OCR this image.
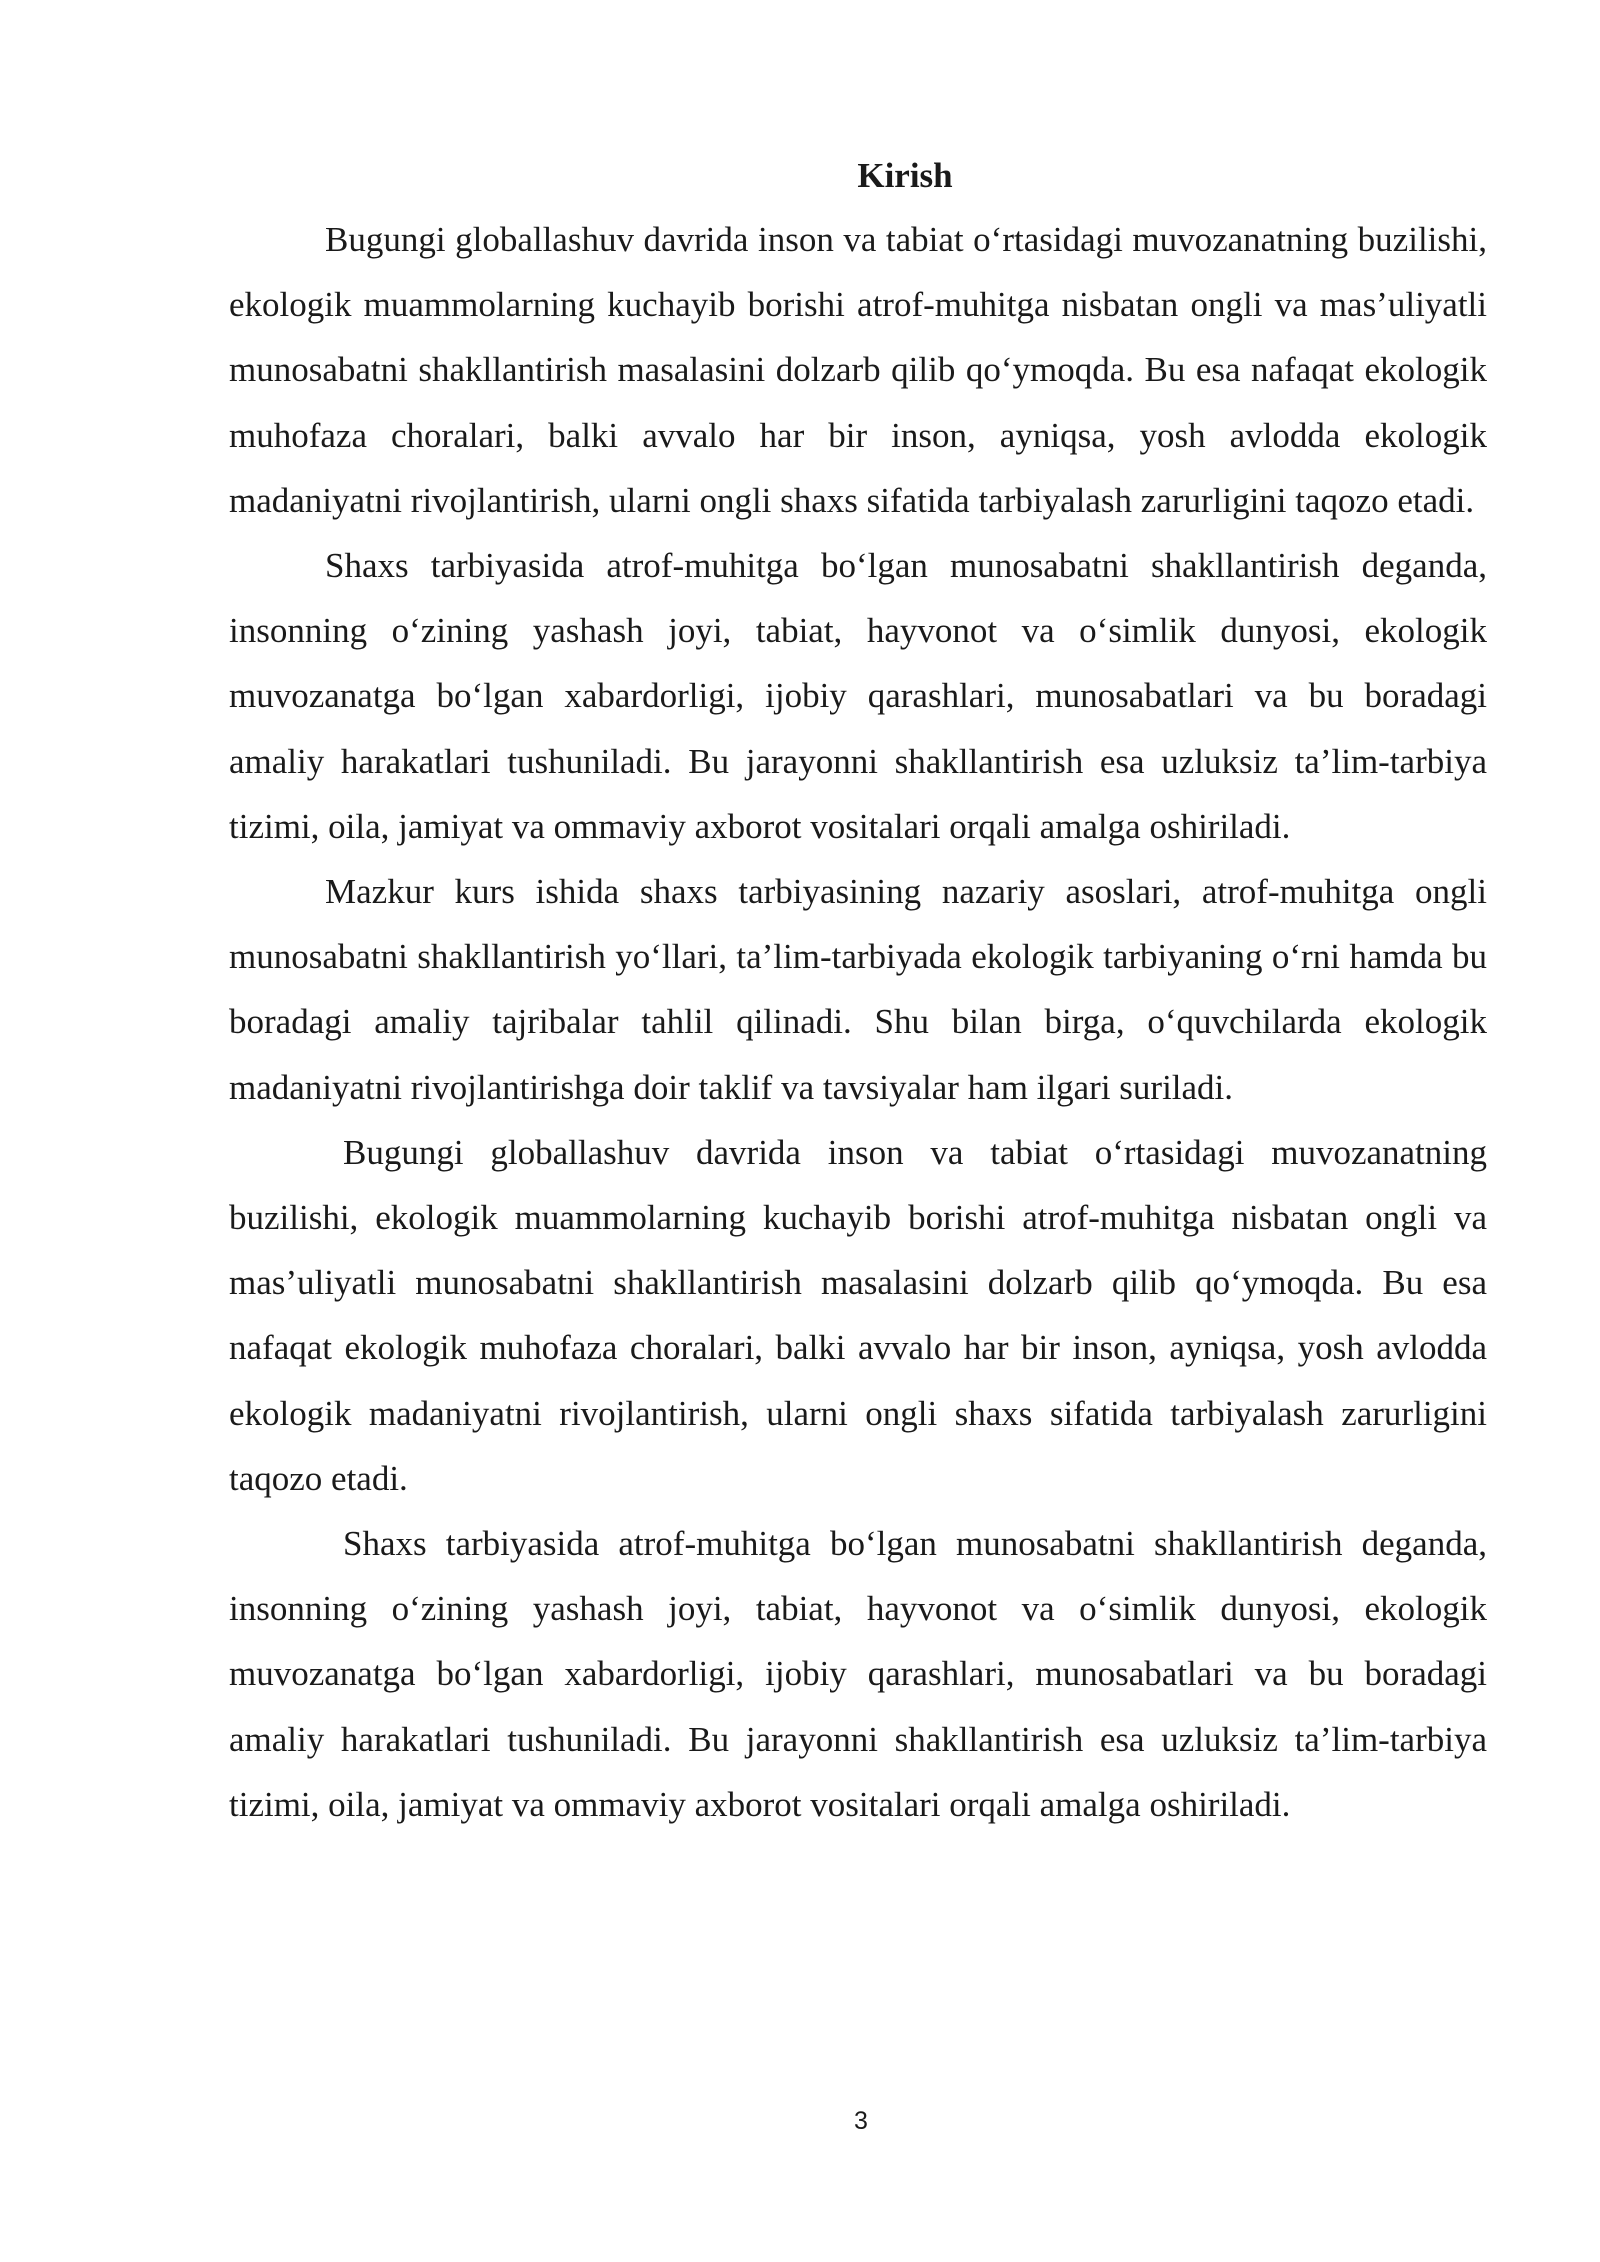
Kirish

Bugungi globallashuv davrida inson va tabiat o‘rtasidagi muvozanatning buzilishi, ekologik muammolarning kuchayib borishi atrof-muhitga nisbatan ongli va mas’uliyatli munosabatni shakllantirish masalasini dolzarb qilib qo‘ymoqda. Bu esa nafaqat ekologik muhofaza choralari, balki avvalo har bir inson, ayniqsa, yosh avlodda ekologik madaniyatni rivojlantirish, ularni ongli shaxs sifatida tarbiyalash zarurligini taqozo etadi.

Shaxs tarbiyasida atrof-muhitga bo‘lgan munosabatni shakllantirish deganda, insonning o‘zining yashash joyi, tabiat, hayvonot va o‘simlik dunyosi, ekologik muvozanatga bo‘lgan xabardorligi, ijobiy qarashlari, munosabatlari va bu boradagi amaliy harakatlari tushuniladi. Bu jarayonni shakllantirish esa uzluksiz ta’lim-tarbiya tizimi, oila, jamiyat va ommaviy axborot vositalari orqali amalga oshiriladi.

Mazkur kurs ishida shaxs tarbiyasining nazariy asoslari, atrof-muhitga ongli munosabatni shakllantirish yo‘llari, ta’lim-tarbiyada ekologik tarbiyaning o‘rni hamda bu boradagi amaliy tajribalar tahlil qilinadi. Shu bilan birga, o‘quvchilarda ekologik madaniyatni rivojlantirishga doir taklif va tavsiyalar ham ilgari suriladi.

Bugungi globallashuv davrida inson va tabiat o‘rtasidagi muvozanatning buzilishi, ekologik muammolarning kuchayib borishi atrof-muhitga nisbatan ongli va mas’uliyatli munosabatni shakllantirish masalasini dolzarb qilib qo‘ymoqda. Bu esa nafaqat ekologik muhofaza choralari, balki avvalo har bir inson, ayniqsa, yosh avlodda ekologik madaniyatni rivojlantirish, ularni ongli shaxs sifatida tarbiyalash zarurligini taqozo etadi.

Shaxs tarbiyasida atrof-muhitga bo‘lgan munosabatni shakllantirish deganda, insonning o‘zining yashash joyi, tabiat, hayvonot va o‘simlik dunyosi, ekologik muvozanatga bo‘lgan xabardorligi, ijobiy qarashlari, munosabatlari va bu boradagi amaliy harakatlari tushuniladi. Bu jarayonni shakllantirish esa uzluksiz ta’lim-tarbiya tizimi, oila, jamiyat va ommaviy axborot vositalari orqali amalga oshiriladi.

3
